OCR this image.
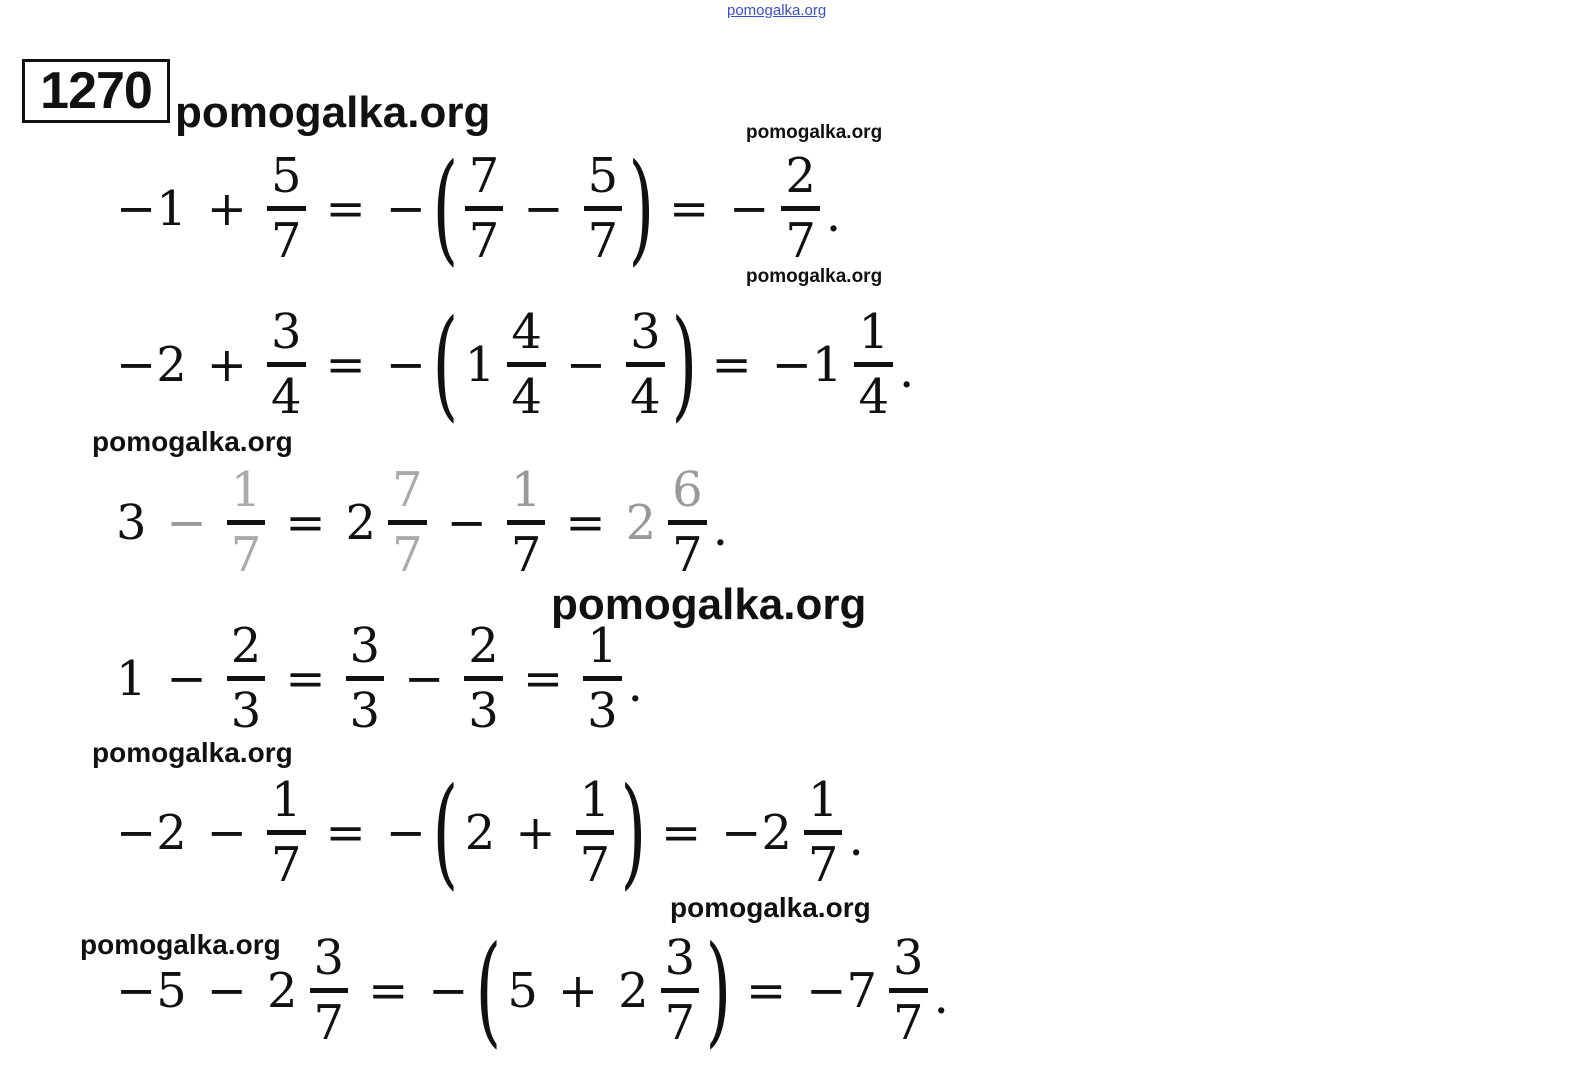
pomogalka.org
1270 pomogalka.org	pomogalka.org
pomogalka.org
pomogalka.org
pomogalka.org
pomogalka.org
pomogalka.org
pomogalka.org
−1 +
5
7
= − ( 7
7
−
5
7 ) = −
2
7 .
−2 +
3
4
= − ( 1
4
4
−
3
4 ) = −1
1
4 .
3 −
1
7
= 2
7
7
−
1
7
= 2
6
7 .
1 −
2
3
=
3
3
−
2
3
=
1
3 .
−2 −
1
7
= − ( 2 +
1
7 ) = −2
1
7 .
−5 − 2
3
7
= − ( 5 + 2
3
7 ) = −7
3
7 .
